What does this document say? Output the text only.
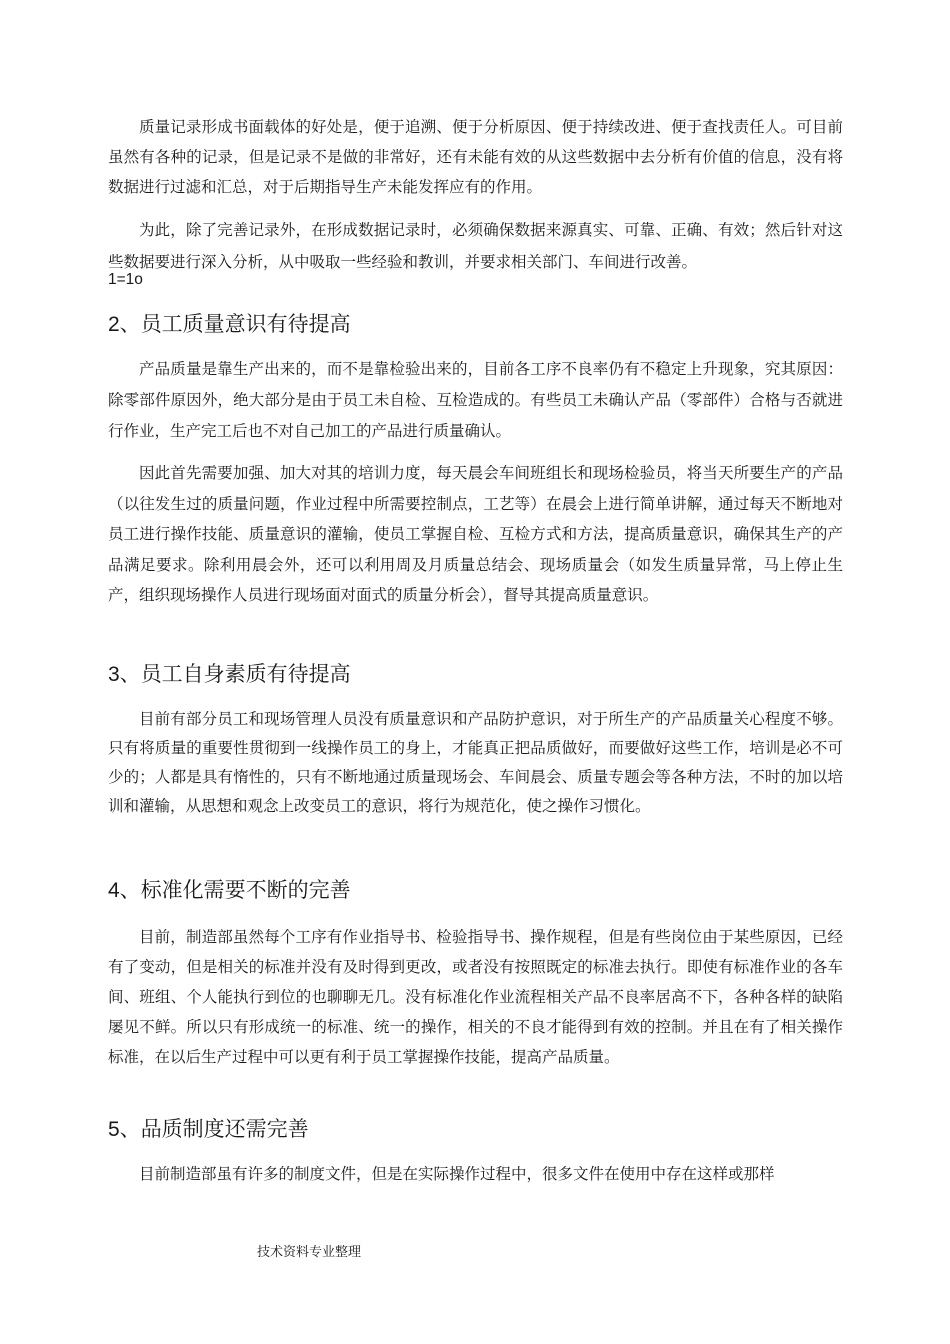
质量记录形成书面载体的好处是，便于追溯、便于分析原因、便于持续改进、便于查找责任人。可目前虽然有各种的记录，但是记录不是做的非常好，还有未能有效的从这些数据中去分析有价值的信息，没有将数据进行过滤和汇总，对于后期指导生产未能发挥应有的作用。

为此，除了完善记录外，在形成数据记录时，必须确保数据来源真实、可靠、正确、有效；然后针对这些数据要进行深入分析，从中吸取一些经验和教训，并要求相关部门、车间进行改善。

1=1o

2、员工质量意识有待提高

产品质量是靠生产出来的，而不是靠检验出来的，目前各工序不良率仍有不稳定上升现象，究其原因：除零部件原因外，绝大部分是由于员工未自检、互检造成的。有些员工未确认产品（零部件）合格与否就进行作业，生产完工后也不对自己加工的产品进行质量确认。

因此首先需要加强、加大对其的培训力度，每天晨会车间班组长和现场检验员，将当天所要生产的产品（以往发生过的质量问题，作业过程中所需要控制点，工艺等）在晨会上进行简单讲解，通过每天不断地对员工进行操作技能、质量意识的灌输，使员工掌握自检、互检方式和方法，提高质量意识，确保其生产的产品满足要求。除利用晨会外，还可以利用周及月质量总结会、现场质量会（如发生质量异常，马上停止生产，组织现场操作人员进行现场面对面式的质量分析会），督导其提高质量意识。

3、员工自身素质有待提高

目前有部分员工和现场管理人员没有质量意识和产品防护意识，对于所生产的产品质量关心程度不够。只有将质量的重要性贯彻到一线操作员工的身上，才能真正把品质做好，而要做好这些工作，培训是必不可少的；人都是具有惰性的，只有不断地通过质量现场会、车间晨会、质量专题会等各种方法，不时的加以培训和灌输，从思想和观念上改变员工的意识，将行为规范化，使之操作习惯化。

4、标准化需要不断的完善

目前，制造部虽然每个工序有作业指导书、检验指导书、操作规程，但是有些岗位由于某些原因，已经有了变动，但是相关的标准并没有及时得到更改，或者没有按照既定的标准去执行。即使有标准作业的各车间、班组、个人能执行到位的也聊聊无几。没有标准化作业流程相关产品不良率居高不下，各种各样的缺陷屡见不鲜。所以只有形成统一的标准、统一的操作，相关的不良才能得到有效的控制。并且在有了相关操作标准，在以后生产过程中可以更有利于员工掌握操作技能，提高产品质量。

5、品质制度还需完善

目前制造部虽有许多的制度文件，但是在实际操作过程中，很多文件在使用中存在这样或那样

技术资料专业整理
